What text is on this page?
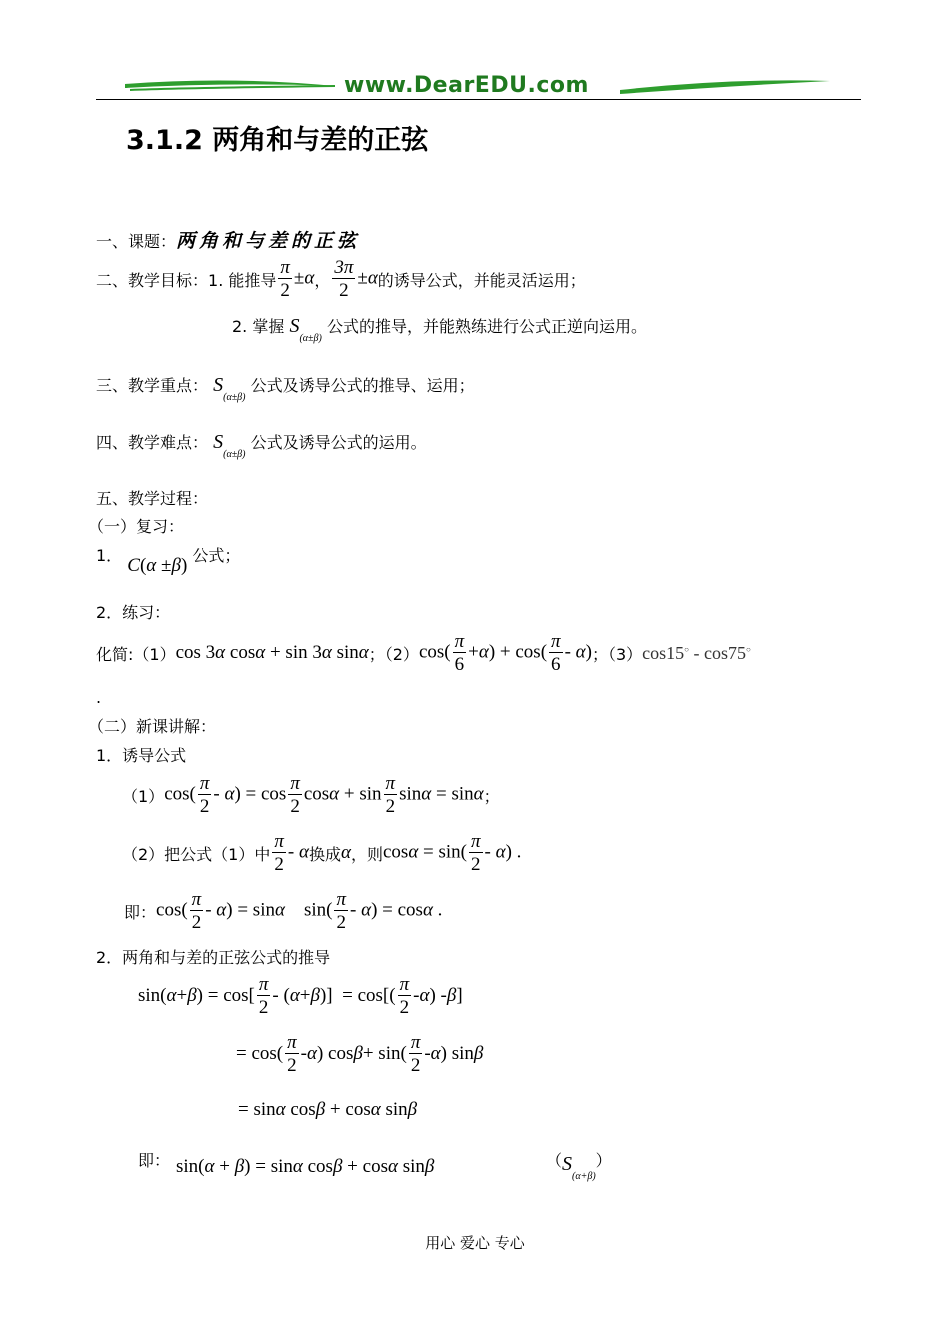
www.DearEDU.com
3.1.2 两角和与差的正弦
一、课题：两角和与差的正弦
二、教学目标： 1. 能推导 $\frac{\pi}{2} \pm\alpha$ ， $\frac{3\pi}{2} \pm\alpha$ 的诱导公式，并能灵活运用；
2. 掌握 $S_{(\alpha\pm\beta)}$ 公式的推导，并能熟练进行公式正逆向运用。
三、教学重点： $S_{(\alpha\pm\beta)}$ 公式及诱导公式的推导、运用；
四、教学难点： $S_{(\alpha\pm\beta)}$ 公式及诱导公式的运用。
五、教学过程：
（一）复习：
1． C(α ±β) 公式；
2．练习：
化简:（1） cos 3α cosα + sin 3α sinα ；（2） $\cos( \frac{\pi}{6} +\alpha) + \cos( \frac{\pi}{6} - \alpha)$ ；（3） cos15○ - cos75○
.
（二）新课讲解：
1．诱导公式
（1） $\cos( \frac{\pi}{2} - \alpha) = \cos \frac{\pi}{2}$ $\cos\alpha + \sin \frac{\pi}{2}$ sinα = sinα ；
（2）把公式（1）中 $\frac{\pi}{2}$ - α 换成 α ，则 $\cos\alpha = \sin( \frac{\pi}{2} - \alpha)$ .
即： $\cos( \frac{\pi}{2} - \alpha) = \sin\alpha$    $\sin( \frac{\pi}{2} - \alpha) = \cos\alpha$ .
2．两角和与差的正弦公式的推导
sin( α + β ) = $\cos[ \frac{\pi}{2}$ - ( α + β )]  = $\cos[( \frac{\pi}{2}$ - α ) - β ]
= $\cos( \frac{\pi}{2}$ - α ) $\cos \beta + \sin( \frac{\pi}{2} - \alpha$ ) sin β
= sinα cosβ + cosα sinβ
即： sin(α + β) = sinα cosβ + cosα sinβ	$(S_{(\alpha+\beta)})$
用心 爱心 专心
